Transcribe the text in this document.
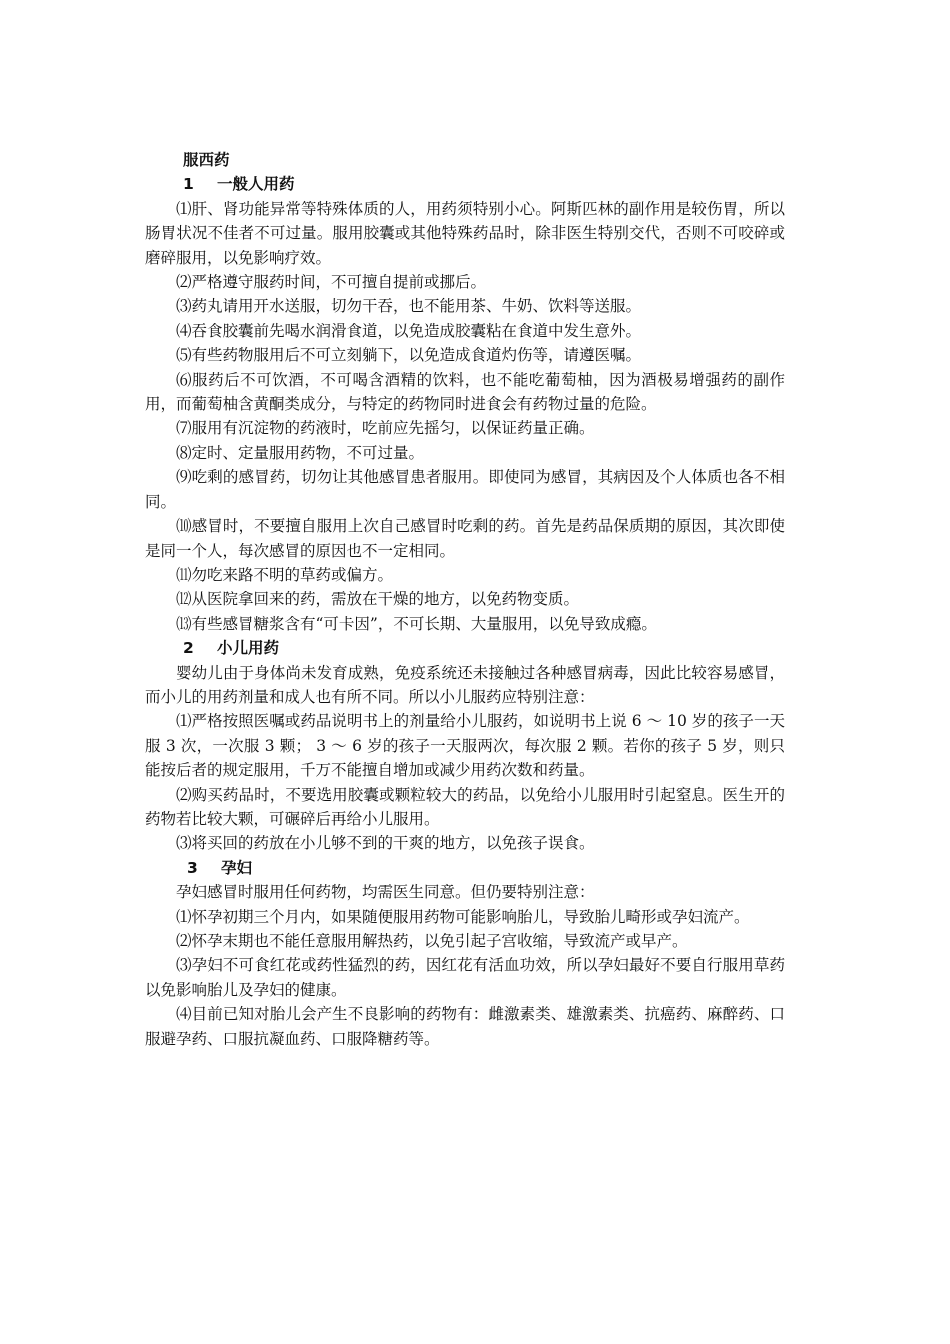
服西药
1 一般人用药
⑴肝、肾功能异常等特殊体质的人，用药须特别小心。阿斯匹林的副作用是较伤胃，所以肠胃状况不佳者不可过量。服用胶囊或其他特殊药品时，除非医生特别交代，否则不可咬碎或磨碎服用，以免影响疗效。
⑵严格遵守服药时间，不可擅自提前或挪后。
⑶药丸请用开水送服，切勿干吞，也不能用茶、牛奶、饮料等送服。
⑷吞食胶囊前先喝水润滑食道，以免造成胶囊粘在食道中发生意外。
⑸有些药物服用后不可立刻躺下，以免造成食道灼伤等，请遵医嘱。
⑹服药后不可饮酒，不可喝含酒精的饮料，也不能吃葡萄柚，因为酒极易增强药的副作用，而葡萄柚含黄酮类成分，与特定的药物同时进食会有药物过量的危险。
⑺服用有沉淀物的药液时，吃前应先摇匀，以保证药量正确。
⑻定时、定量服用药物，不可过量。
⑼吃剩的感冒药，切勿让其他感冒患者服用。即使同为感冒，其病因及个人体质也各不相同。
⑽感冒时，不要擅自服用上次自己感冒时吃剩的药。首先是药品保质期的原因，其次即使是同一个人，每次感冒的原因也不一定相同。
⑾勿吃来路不明的草药或偏方。
⑿从医院拿回来的药，需放在干燥的地方，以免药物变质。
⒀有些感冒糖浆含有“可卡因”，不可长期、大量服用，以免导致成瘾。
2 小儿用药
婴幼儿由于身体尚未发育成熟，免疫系统还未接触过各种感冒病毒，因此比较容易感冒，而小儿的用药剂量和成人也有所不同。所以小儿服药应特别注意：
⑴严格按照医嘱或药品说明书上的剂量给小儿服药，如说明书上说 6 ～ 10 岁的孩子一天服 3 次，一次服 3 颗； 3 ～ 6 岁的孩子一天服两次，每次服 2 颗。若你的孩子 5 岁，则只能按后者的规定服用，千万不能擅自增加或减少用药次数和药量。
⑵购买药品时，不要选用胶囊或颗粒较大的药品，以免给小儿服用时引起窒息。医生开的药物若比较大颗，可碾碎后再给小儿服用。
⑶将买回的药放在小儿够不到的干爽的地方，以免孩子误食。
3 孕妇
孕妇感冒时服用任何药物，均需医生同意。但仍要特别注意：
⑴怀孕初期三个月内，如果随便服用药物可能影响胎儿，导致胎儿畸形或孕妇流产。
⑵怀孕末期也不能任意服用解热药，以免引起子宫收缩，导致流产或早产。
⑶孕妇不可食红花或药性猛烈的药，因红花有活血功效，所以孕妇最好不要自行服用草药以免影响胎儿及孕妇的健康。
⑷目前已知对胎儿会产生不良影响的药物有：雌激素类、雄激素类、抗癌药、麻醉药、口服避孕药、口服抗凝血药、口服降糖药等。
